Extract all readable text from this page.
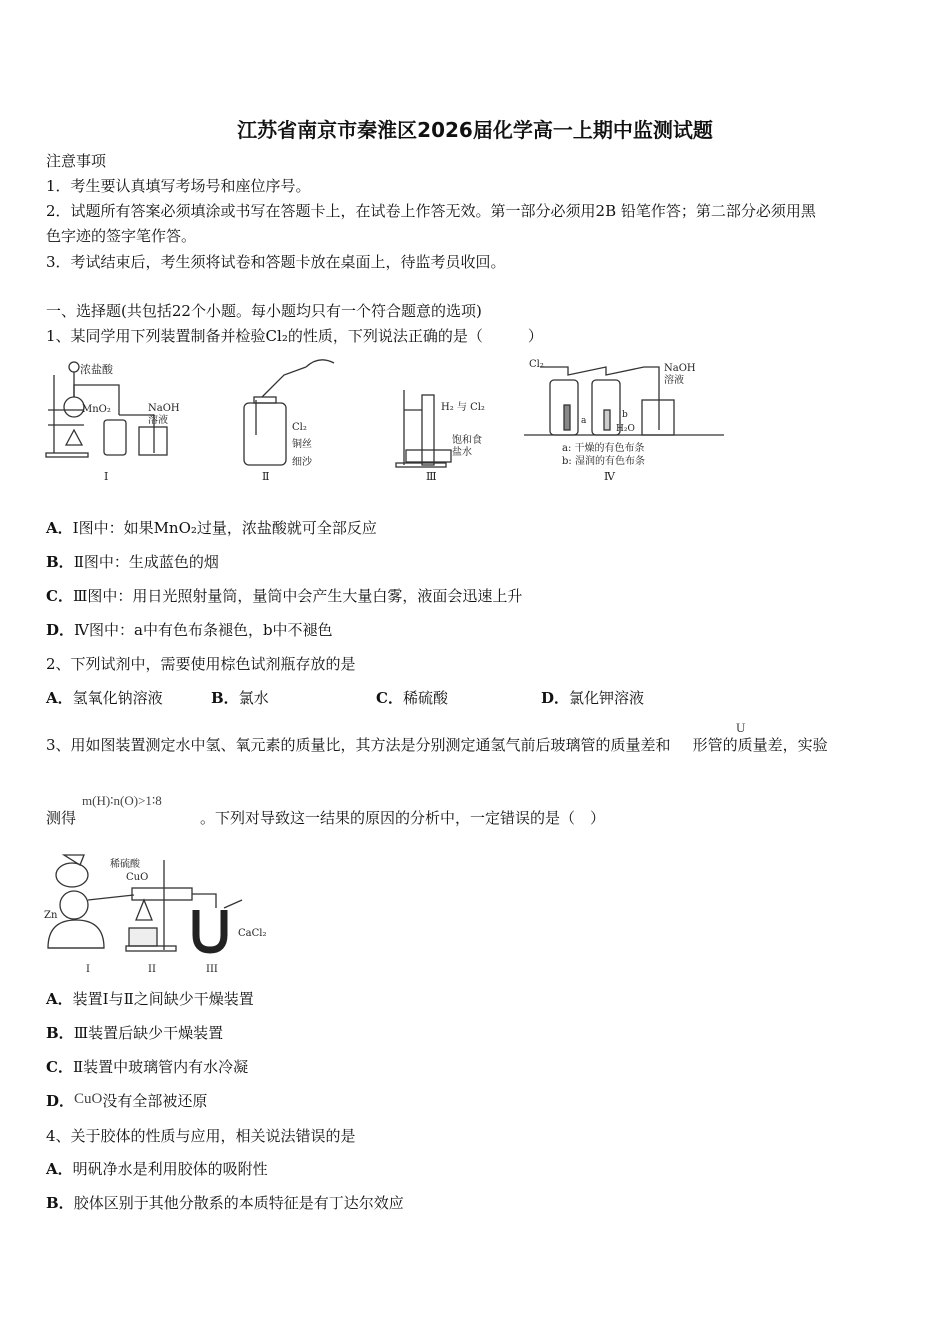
江苏省南京市秦淮区2026届化学高一上期中监测试题
注意事项
1．考生要认真填写考场号和座位序号。
2．试题所有答案必须填涂或书写在答题卡上，在试卷上作答无效。第一部分必须用2B 铅笔作答；第二部分必须用黑
色字迹的签字笔作答。
3．考试结束后，考生须将试卷和答题卡放在桌面上，待监考员收回。
一、选择题(共包括22个小题。每小题均只有一个符合题意的选项)
1、某同学用下列装置制备并检验Cl₂的性质，下列说法正确的是（　　　）
浓盐酸
MnO₂	NaOH
溶液
Ⅰ
Cl₂
铜丝
细沙
Ⅱ
H₂ 与 Cl₂
饱和食
盐水
Ⅲ
Cl₂	NaOH
溶液
a
b
H₂O
a: 干燥的有色布条
b: 湿润的有色布条
Ⅳ
A．Ⅰ图中：如果MnO₂过量，浓盐酸就可全部反应
B．Ⅱ图中：生成蓝色的烟
C．Ⅲ图中：用日光照射量筒，量筒中会产生大量白雾，液面会迅速上升
D．Ⅳ图中：a中有色布条褪色，b中不褪色
2、下列试剂中，需要使用棕色试剂瓶存放的是
A．氢氧化钠溶液	B．氯水	C．稀硫酸	D．氯化钾溶液
3、用如图装置测定水中氢、氧元素的质量比，其方法是分别测定通氢气前后玻璃管的质量差和 形管的质量差，实验
U
测得	。下列对导致这一结果的原因的分析中，一定错误的是（　）
m(H)∶n(O)>1∶8
稀硫酸
CuO
Zn
CaCl₂
I	II	III
A．装置Ⅰ与Ⅱ之间缺少干燥装置
B．Ⅲ装置后缺少干燥装置
C．Ⅱ装置中玻璃管内有水冷凝
D．CuO没有全部被还原
4、关于胶体的性质与应用，相关说法错误的是
A．明矾净水是利用胶体的吸附性
B．胶体区别于其他分散系的本质特征是有丁达尔效应
